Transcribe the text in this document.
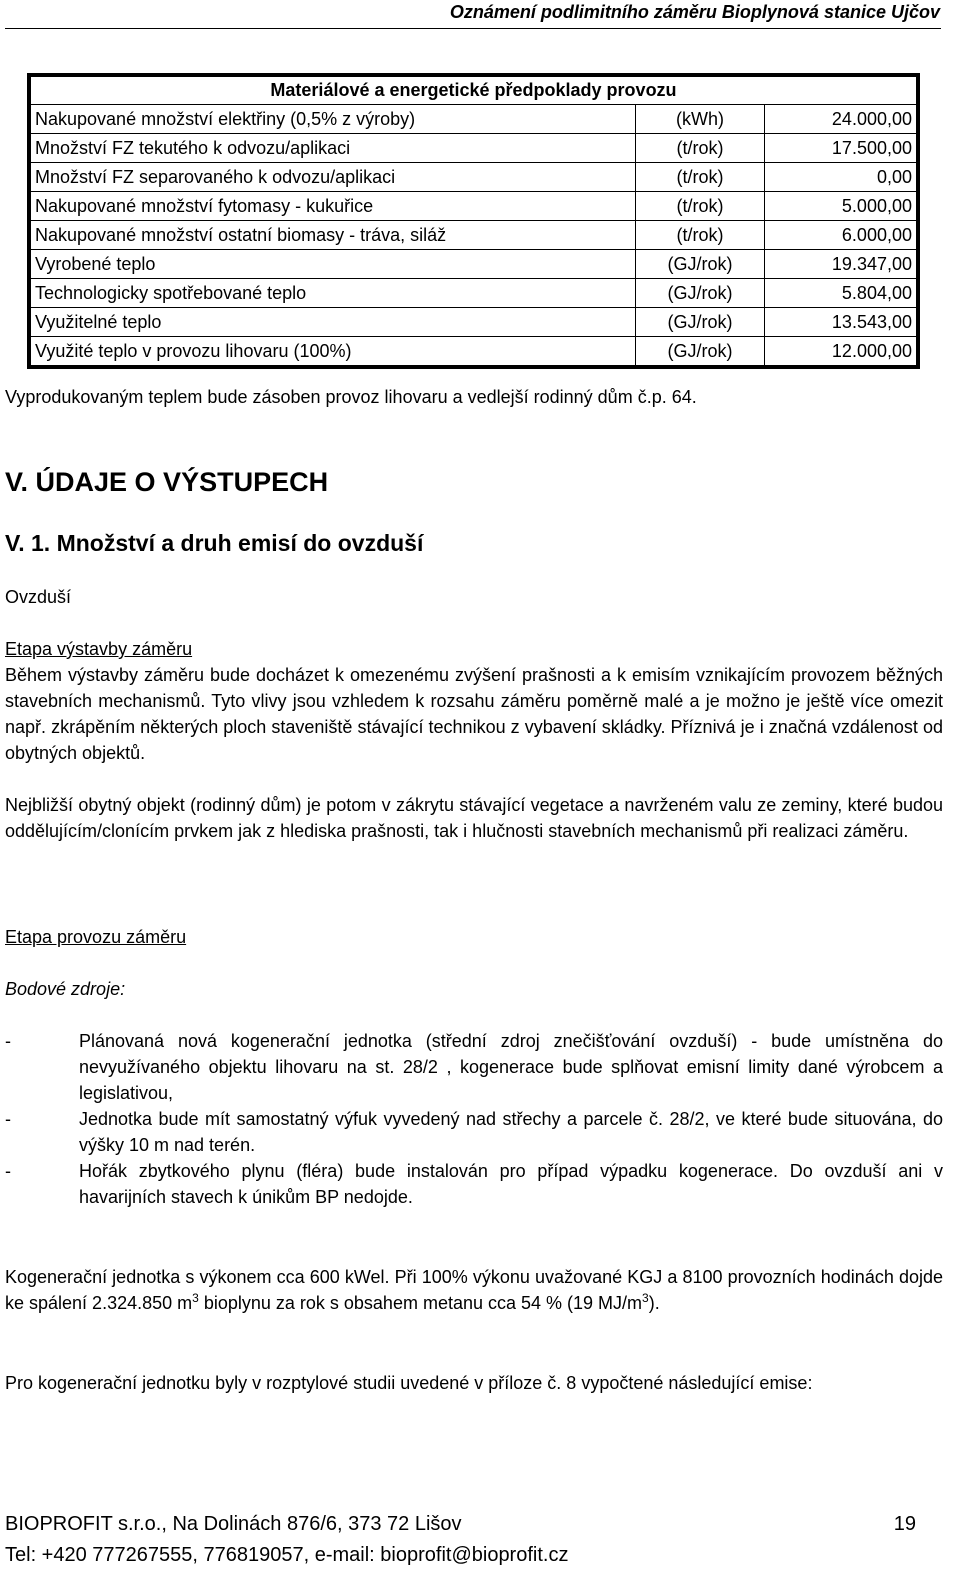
Oznámení podlimitního záměru Bioplynová stanice Ujčov
Materiálové a energetické předpoklady provozu		
Nakupované množství elektřiny (0,5% z výroby)	(kWh)	24.000,00
Množství FZ tekutého k odvozu/aplikaci	(t/rok)	17.500,00
Množství FZ separovaného k odvozu/aplikaci	(t/rok)	0,00
Nakupované množství fytomasy - kukuřice	(t/rok)	5.000,00
Nakupované množství ostatní biomasy - tráva, siláž	(t/rok)	6.000,00
Vyrobené teplo	(GJ/rok)	19.347,00
Technologicky spotřebované teplo	(GJ/rok)	5.804,00
Využitelné teplo	(GJ/rok)	13.543,00
Využité teplo v provozu lihovaru (100%)	(GJ/rok)	12.000,00
Vyprodukovaným teplem bude zásoben provoz lihovaru a vedlejší rodinný dům č.p. 64.
V. ÚDAJE O VÝSTUPECH
V. 1. Množství a druh emisí do ovzduší
Ovzduší
Etapa výstavby záměru
Během výstavby záměru bude docházet k omezenému zvýšení prašnosti a k emisím vznikajícím provozem běžných stavebních mechanismů. Tyto vlivy jsou vzhledem k rozsahu záměru poměrně malé a je možno je ještě více omezit např. zkrápěním některých ploch staveniště stávající technikou z vybavení skládky. Příznivá je i značná vzdálenost od obytných objektů.
Nejbližší obytný objekt (rodinný dům) je potom v zákrytu stávající vegetace a navrženém valu ze zeminy, které budou oddělujícím/clonícím prvkem jak z hlediska prašnosti, tak i hlučnosti stavebních mechanismů při realizaci záměru.
Etapa provozu záměru
Bodové zdroje:
-	Plánovaná nová kogenerační jednotka (střední zdroj znečišťování ovzduší) - bude umístněna do nevyužívaného objektu lihovaru na st. 28/2 , kogenerace bude splňovat emisní limity dané výrobcem a legislativou,
-	Jednotka bude mít samostatný výfuk vyvedený nad střechy a parcele č. 28/2, ve které bude situována, do výšky 10 m nad terén.
-	Hořák zbytkového plynu (fléra) bude instalován pro případ výpadku kogenerace. Do ovzduší ani v havarijních stavech k únikům BP nedojde.
Kogenerační jednotka s výkonem cca 600 kWel. Při 100% výkonu uvažované KGJ a 8100 provozních hodinách dojde ke spálení 2.324.850 $m^3$ bioplynu za rok s obsahem metanu cca 54 % (19 $MJ/m^3$).
Pro kogenerační jednotku byly v rozptylové studii uvedené v příloze č. 8 vypočtené následující emise:
BIOPROFIT s.r.o., Na Dolinách 876/6, 373 72 Lišov	19
Tel: +420 777267555, 776819057, e-mail: bioprofit@bioprofit.cz
